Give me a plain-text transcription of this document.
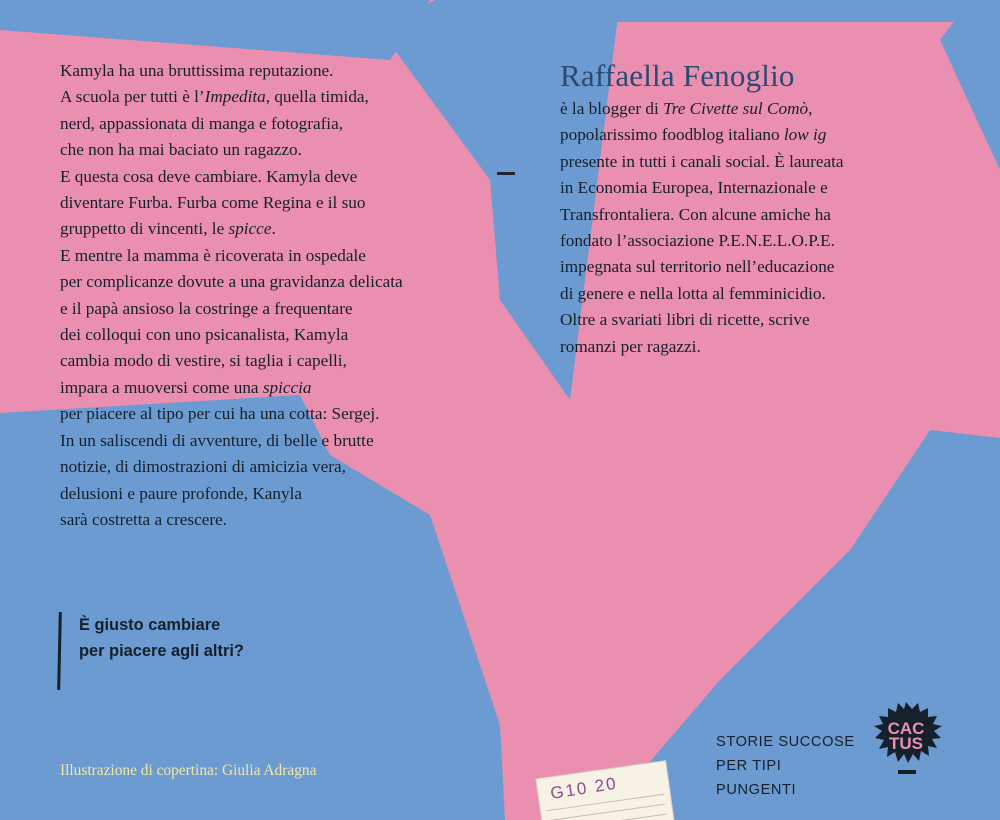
Kamyla ha una bruttissima reputazione.

A scuola per tutti è l’Impedita, quella timida,

nerd, appassionata di manga e fotografia,

che non ha mai baciato un ragazzo.

E questa cosa deve cambiare. Kamyla deve

diventare Furba. Furba come Regina e il suo

gruppetto di vincenti, le spicce.

E mentre la mamma è ricoverata in ospedale

per complicanze dovute a una gravidanza delicata

e il papà ansioso la costringe a frequentare

dei colloqui con uno psicanalista, Kamyla

cambia modo di vestire, si taglia i capelli,

impara a muoversi come una spiccia

per piacere al tipo per cui ha una cotta: Sergej.

In un saliscendi di avventure, di belle e brutte

notizie, di dimostrazioni di amicizia vera,

delusioni e paure profonde, Kanyla

sarà costretta a crescere.

Raffaella Fenoglio

è la blogger di Tre Civette sul Comò,

popolarissimo foodblog italiano low ig

presente in tutti i canali social. È laureata

in Economia Europea, Internazionale e

Transfrontaliera. Con alcune amiche ha

fondato l’associazione P.E.N.E.L.O.P.E.

impegnata sul territorio nell’educazione

di genere e nella lotta al femminicidio.

Oltre a svariati libri di ricette, scrive

romanzi per ragazzi.

È giusto cambiare
per piacere agli altri?
Illustrazione di copertina: Giulia Adragna
STORIE SUCCOSE
PER TIPI PUNGENTI
CAC
TUS
G10 20
